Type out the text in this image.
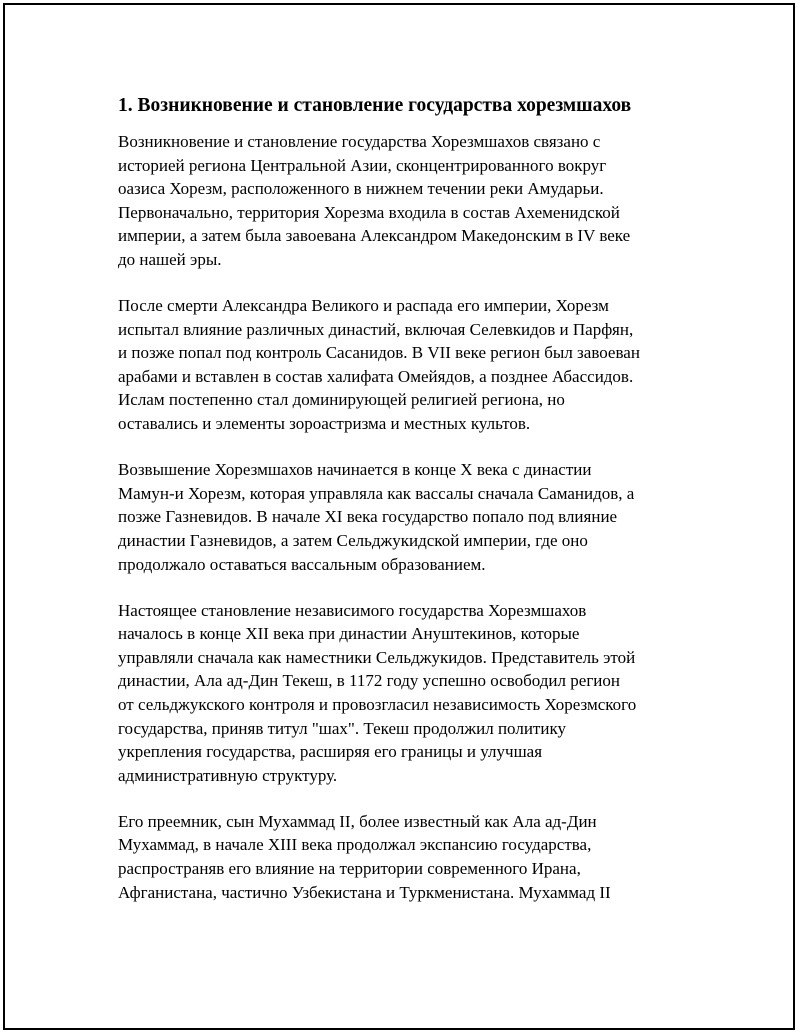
1. Возникновение и становление государства хорезмшахов
Возникновение и становление государства Хорезмшахов связано с
историей региона Центральной Азии, сконцентрированного вокруг
оазиса Хорезм, расположенного в нижнем течении реки Амударьи.
Первоначально, территория Хорезма входила в состав Ахеменидской
империи, а затем была завоевана Александром Македонским в IV веке
до нашей эры.
После смерти Александра Великого и распада его империи, Хорезм
испытал влияние различных династий, включая Селевкидов и Парфян,
и позже попал под контроль Сасанидов. В VII веке регион был завоеван
арабами и вставлен в состав халифата Омейядов, а позднее Абассидов.
Ислам постепенно стал доминирующей религией региона, но
оставались и элементы зороастризма и местных культов.
Возвышение Хорезмшахов начинается в конце X века с династии
Мамун-и Хорезм, которая управляла как вассалы сначала Саманидов, а
позже Газневидов. В начале XI века государство попало под влияние
династии Газневидов, а затем Сельджукидской империи, где оно
продолжало оставаться вассальным образованием.
Настоящее становление независимого государства Хорезмшахов
началось в конце XII века при династии Ануштекинов, которые
управляли сначала как наместники Сельджукидов. Представитель этой
династии, Ала ад-Дин Текеш, в 1172 году успешно освободил регион
от сельджукского контроля и провозгласил независимость Хорезмского
государства, приняв титул "шах". Текеш продолжил политику
укрепления государства, расширяя его границы и улучшая
административную структуру.
Его преемник, сын Мухаммад II, более известный как Ала ад-Дин
Мухаммад, в начале XIII века продолжал экспансию государства,
распространяв его влияние на территории современного Ирана,
Афганистана, частично Узбекистана и Туркменистана. Мухаммад II
